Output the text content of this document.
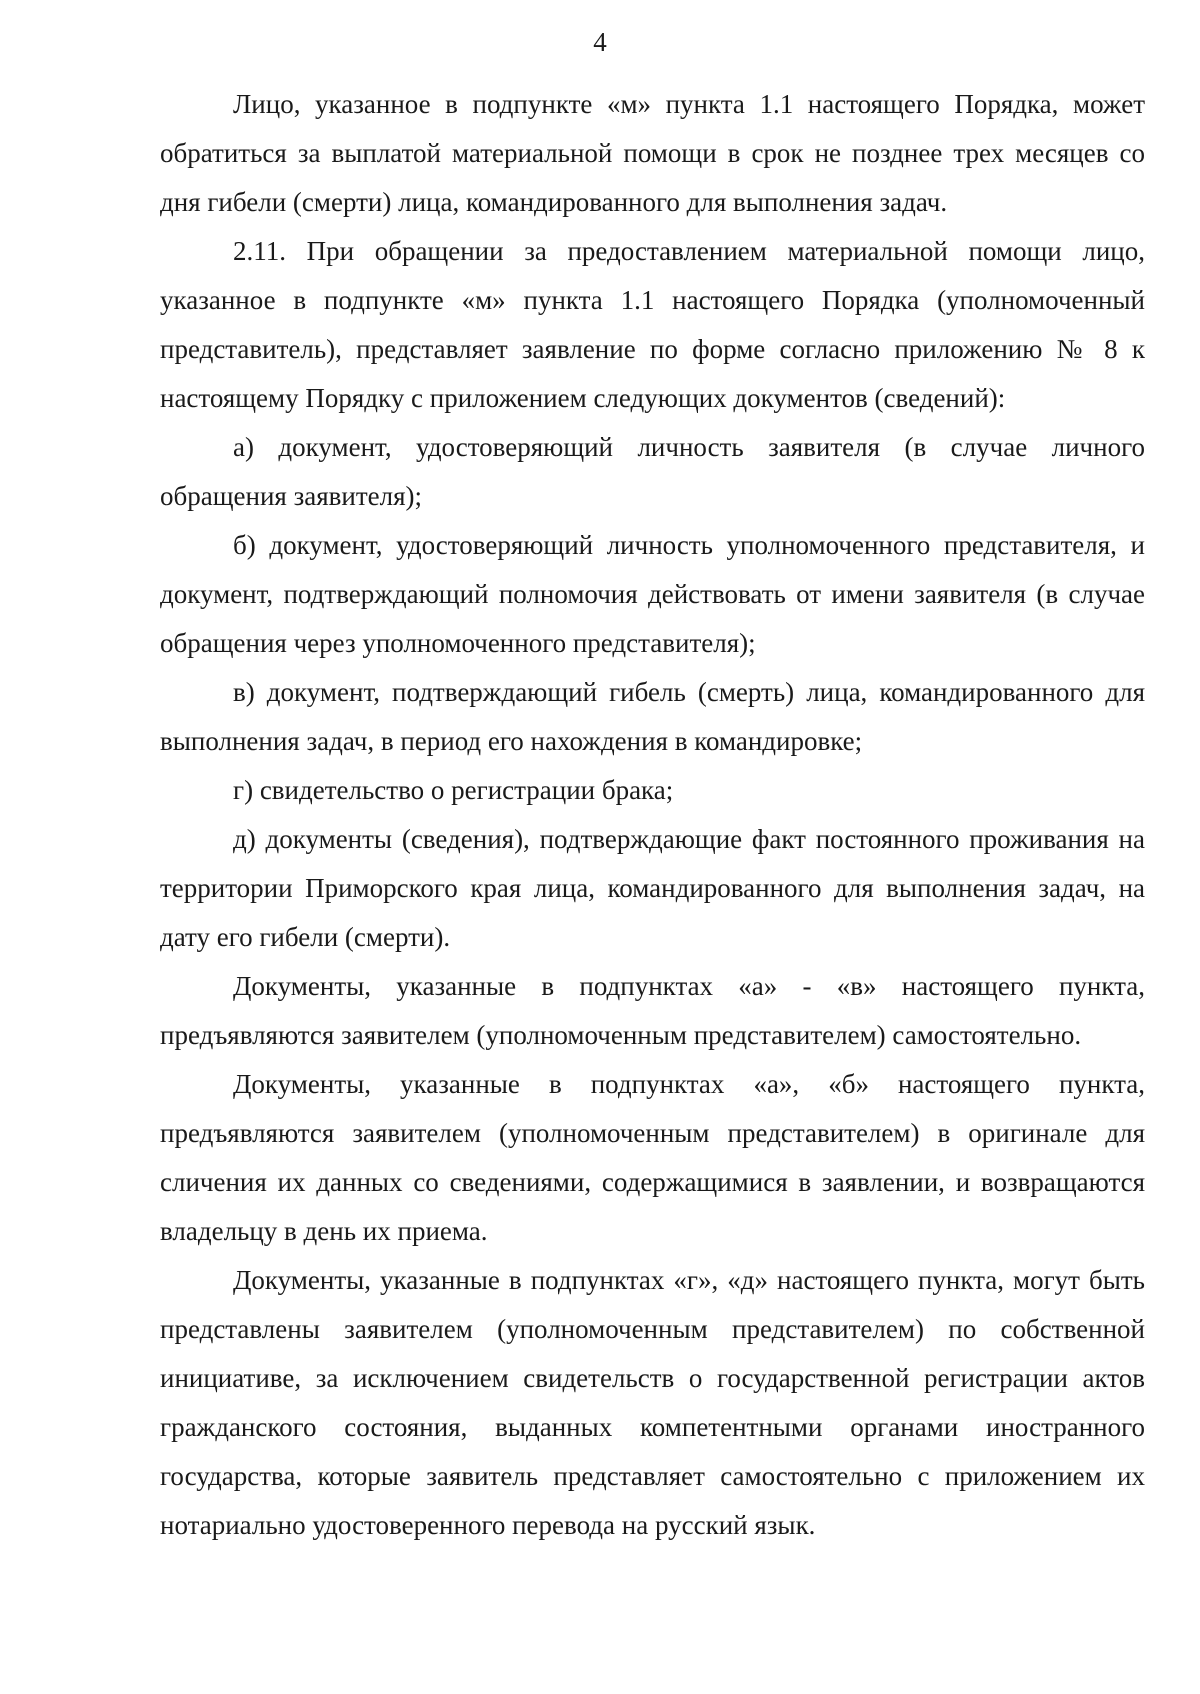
4

Лицо, указанное в подпункте «м» пункта 1.1 настоящего Порядка, может обратиться за выплатой материальной помощи в срок не позднее трех месяцев со дня гибели (смерти) лица, командированного для выполнения задач.

2.11. При обращении за предоставлением материальной помощи лицо, указанное в подпункте «м» пункта 1.1 настоящего Порядка (уполномоченный представитель), представляет заявление по форме согласно приложению № 8 к настоящему Порядку с приложением следующих документов (сведений):

а) документ, удостоверяющий личность заявителя (в случае личного обращения заявителя);

б) документ, удостоверяющий личность уполномоченного представителя, и документ, подтверждающий полномочия действовать от имени заявителя (в случае обращения через уполномоченного представителя);

в) документ, подтверждающий гибель (смерть) лица, командированного для выполнения задач, в период его нахождения в командировке;

г) свидетельство о регистрации брака;

д) документы (сведения), подтверждающие факт постоянного проживания на территории Приморского края лица, командированного для выполнения задач, на дату его гибели (смерти).

Документы, указанные в подпунктах «а» - «в» настоящего пункта, предъявляются заявителем (уполномоченным представителем) самостоятельно.

Документы, указанные в подпунктах «а», «б» настоящего пункта, предъявляются заявителем (уполномоченным представителем) в оригинале для сличения их данных со сведениями, содержащимися в заявлении, и возвращаются владельцу в день их приема.

Документы, указанные в подпунктах «г», «д» настоящего пункта, могут быть представлены заявителем (уполномоченным представителем) по собственной инициативе, за исключением свидетельств о государственной регистрации актов гражданского состояния, выданных компетентными органами иностранного государства, которые заявитель представляет самостоятельно с приложением их нотариально удостоверенного перевода на русский язык.
